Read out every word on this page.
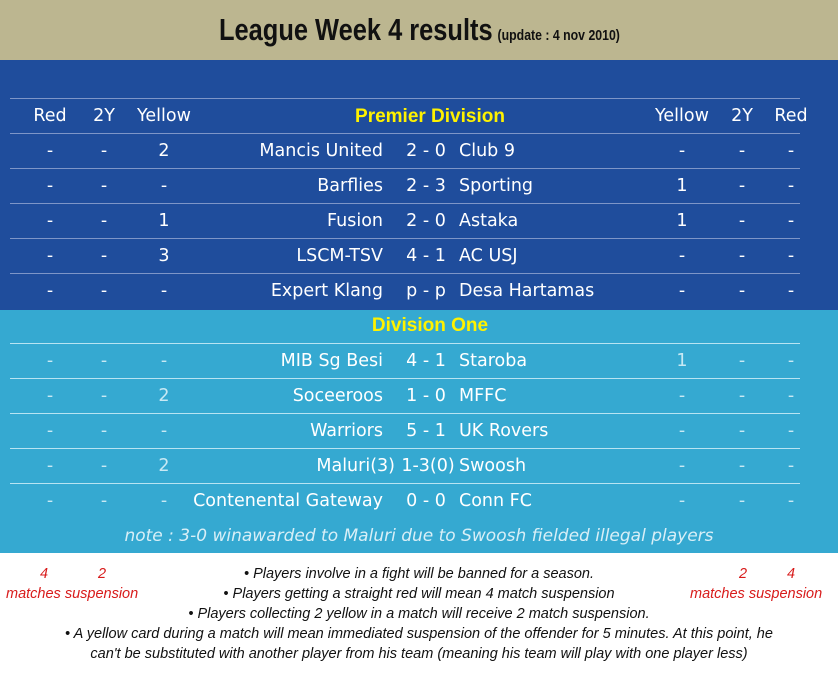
League Week 4 results (update : 4 nov 2010)
Red 2Y	Yellow	Premier Division	Yellow	2Y	Red
-	-	2	Mancis United	2 - 0 Club 9	-	-	-
-	-	-	Barflies	2 - 3 Sporting	1	-	-
-	-	1	Fusion	2 - 0 Astaka	1	-	-
-	-	3	LSCM-TSV	4 - 1 AC USJ	-	-	-
-	-	-	Expert Klang	p - p Desa Hartamas	-	-	-
Division One
-	-	-	MIB Sg Besi	4 - 1 Staroba	1	-	-
-	-	2	Soceeroos	1 - 0 MFFC	-	-	-
-	-	-	Warriors	5 - 1 UK Rovers	-	-	-
-	-	2	Maluri(3) 1-3(0) Swoosh	-	-	-
-	-	-	Contenental Gateway	0 - 0 Conn FC	-	-	-
note : 3-0 winawarded to Maluri due to Swoosh fielded illegal players
4	2
matches suspension
2	4
matches suspension
• Players involve in a fight will be banned for a season.
• Players getting a straight red will mean 4 match suspension
• Players collecting 2 yellow in a match will receive 2 match suspension.
• A yellow card during a match will mean immediated suspension of the offender for 5 minutes. At this point, he
can't be substituted with another player from his team (meaning his team will play with one player less)
